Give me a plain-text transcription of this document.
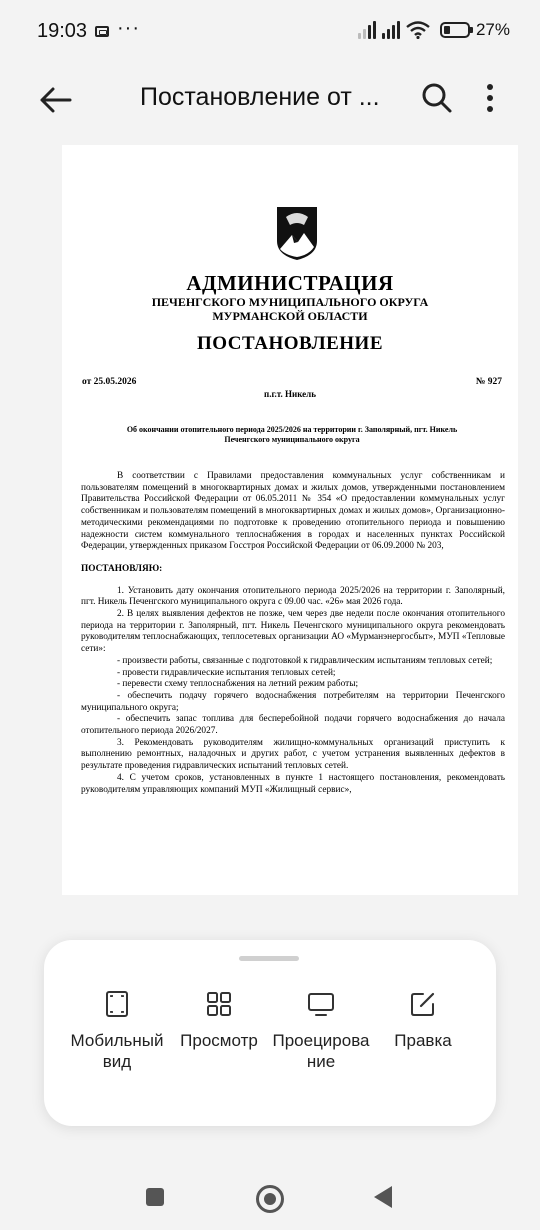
19:03 ···	27%
Постановление от ...
АДМИНИСТРАЦИЯ
ПЕЧЕНГСКОГО МУНИЦИПАЛЬНОГО ОКРУГА
МУРМАНСКОЙ ОБЛАСТИ
ПОСТАНОВЛЕНИЕ
от 25.05.2026	№ 927
п.г.т. Никель
Об окончании отопительного периода 2025/2026 на территории г. Заполярный, пгт. Никель
Печенгского муниципального округа

В соответствии с Правилами предоставления коммунальных услуг собственникам и пользователям помещений в многоквартирных домах и жилых домов, утвержденными постановлением Правительства Российской Федерации от 06.05.2011 № 354 «О предоставлении коммунальных услуг собственникам и пользователям помещений в многоквартирных домах и жилых домов», Организационно-методическими рекомендациями по подготовке к проведению отопительного периода и повышению надежности систем коммунального теплоснабжения в городах и населенных пунктах Российской Федерации, утвержденных приказом Госстроя Российской Федерации от 06.09.2000 № 203,

ПОСТАНОВЛЯЮ:

1. Установить дату окончания отопительного периода 2025/2026 на территории г. Заполярный, пгт. Никель Печенгского муниципального округа с 09.00 час. «26» мая 2026 года.

2. В целях выявления дефектов не позже, чем через две недели после окончания отопительного периода на территории г. Заполярный, пгт. Никель Печенгского муниципального округа рекомендовать руководителям теплоснабжающих, теплосетевых организации АО «Мурманэнергосбыт», МУП «Тепловые сети»:

- произвести работы, связанные с подготовкой к гидравлическим испытаниям тепловых сетей;

- провести гидравлические испытания тепловых сетей;

- перевести схему теплоснабжения на летний режим работы;

- обеспечить подачу горячего водоснабжения потребителям на территории Печенгского муниципального округа;

- обеспечить запас топлива для бесперебойной подачи горячего водоснабжения до начала отопительного периода 2026/2027.

3. Рекомендовать руководителям жилищно-коммунальных организаций приступить к выполнению ремонтных, наладочных и других работ, с учетом устранения выявленных дефектов в результате проведения гидравлических испытаний тепловых сетей.

4. С учетом сроков, установленных в пункте 1 настоящего постановления, рекомендовать руководителям управляющих компаний МУП «Жилищный сервис»,

Мобильный вид
Просмотр Проецирова ние
Правка
